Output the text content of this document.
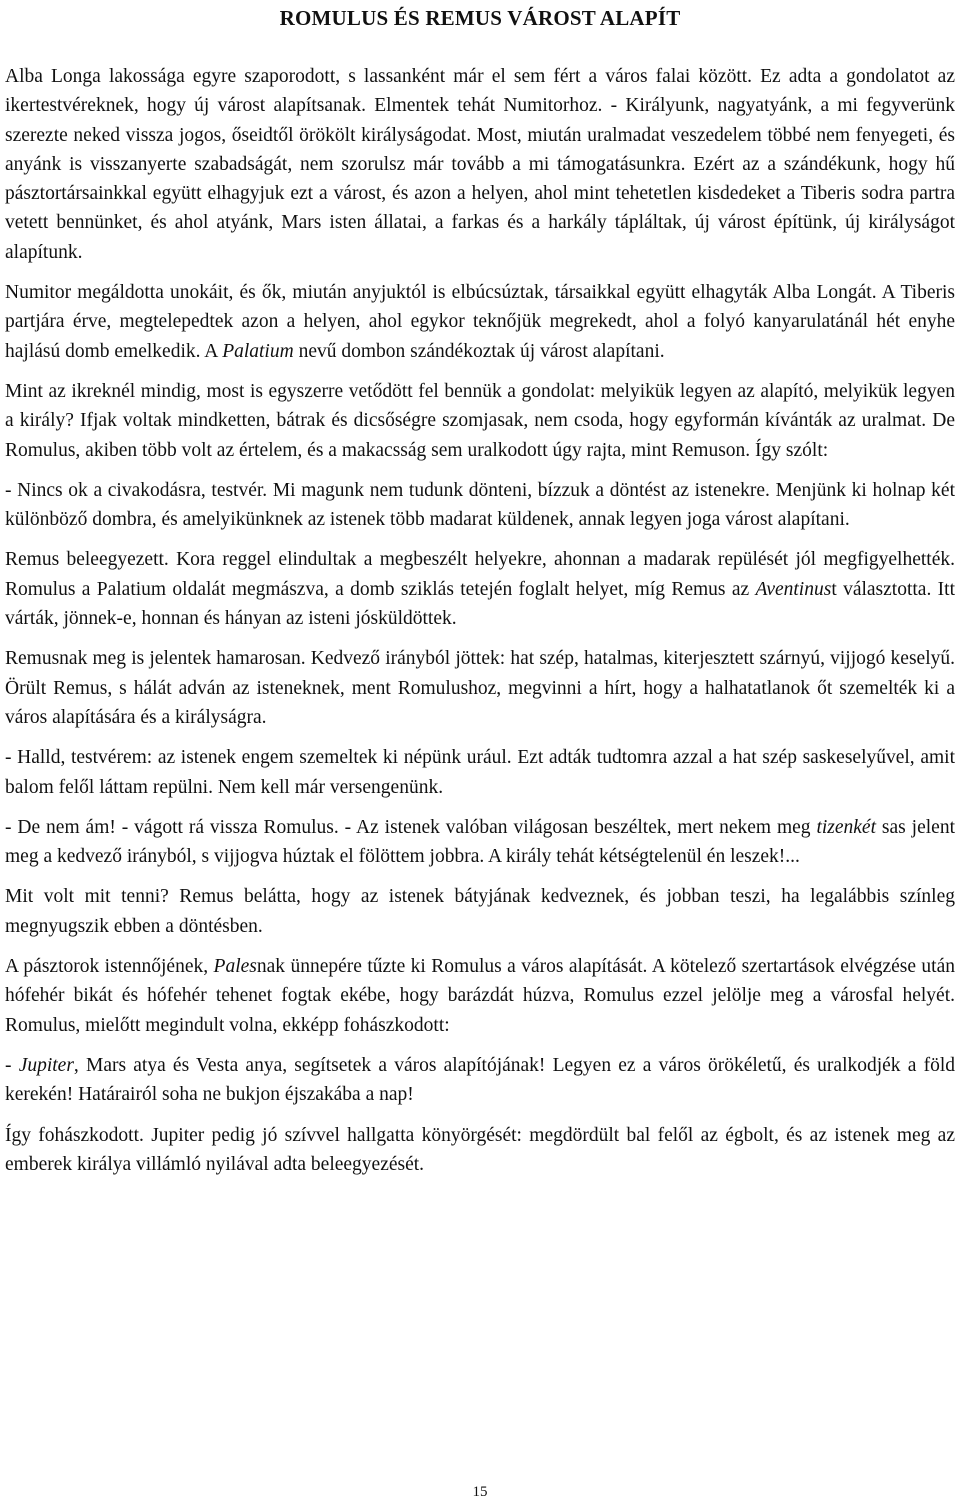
ROMULUS ÉS REMUS VÁROST ALAPÍT

Alba Longa lakossága egyre szaporodott, s lassanként már el sem fért a város falai között. Ez adta a gondolatot az ikertestvéreknek, hogy új várost alapítsanak. Elmentek tehát Numitorhoz. - Királyunk, nagyatyánk, a mi fegyverünk szerezte neked vissza jogos, őseidtől örökölt királyságodat. Most, miután uralmadat veszedelem többé nem fenyegeti, és anyánk is visszanyerte szabadságát, nem szorulsz már tovább a mi támogatásunkra. Ezért az a szándékunk, hogy hű pásztortársainkkal együtt elhagyjuk ezt a várost, és azon a helyen, ahol mint tehetetlen kisdedeket a Tiberis sodra partra vetett bennünket, és ahol atyánk, Mars isten állatai, a farkas és a harkály tápláltak, új várost építünk, új királyságot alapítunk.

Numitor megáldotta unokáit, és ők, miután anyjuktól is elbúcsúztak, társaikkal együtt elhagyták Alba Longát. A Tiberis partjára érve, megtelepedtek azon a helyen, ahol egykor teknőjük megrekedt, ahol a folyó kanyarulatánál hét enyhe hajlású domb emelkedik. A Palatium nevű dombon szándékoztak új várost alapítani.

Mint az ikreknél mindig, most is egyszerre vetődött fel bennük a gondolat: melyikük legyen az alapító, melyikük legyen a király? Ifjak voltak mindketten, bátrak és dicsőségre szomjasak, nem csoda, hogy egyformán kívánták az uralmat. De Romulus, akiben több volt az értelem, és a makacsság sem uralkodott úgy rajta, mint Remuson. Így szólt:

- Nincs ok a civakodásra, testvér. Mi magunk nem tudunk dönteni, bízzuk a döntést az istenekre. Menjünk ki holnap két különböző dombra, és amelyikünknek az istenek több madarat küldenek, annak legyen joga várost alapítani.

Remus beleegyezett. Kora reggel elindultak a megbeszélt helyekre, ahonnan a madarak repülését jól megfigyelhették. Romulus a Palatium oldalát megmászva, a domb sziklás tetején foglalt helyet, míg Remus az Aventinust választotta. Itt várták, jönnek-e, honnan és hányan az isteni jósküldöttek.

Remusnak meg is jelentek hamarosan. Kedvező irányból jöttek: hat szép, hatalmas, kiterjesztett szárnyú, vijjogó keselyű. Örült Remus, s hálát adván az isteneknek, ment Romulushoz, megvinni a hírt, hogy a halhatatlanok őt szemelték ki a város alapítására és a királyságra.

- Halld, testvérem: az istenek engem szemeltek ki népünk urául. Ezt adták tudtomra azzal a hat szép saskeselyűvel, amit balom felől láttam repülni. Nem kell már versengenünk.

- De nem ám! - vágott rá vissza Romulus. - Az istenek valóban világosan beszéltek, mert nekem meg tizenkét sas jelent meg a kedvező irányból, s vijjogva húztak el fölöttem jobbra. A király tehát kétségtelenül én leszek!...

Mit volt mit tenni? Remus belátta, hogy az istenek bátyjának kedveznek, és jobban teszi, ha legalábbis színleg megnyugszik ebben a döntésben.

A pásztorok istennőjének, Palesnak ünnepére tűzte ki Romulus a város alapítását. A kötelező szertartások elvégzése után hófehér bikát és hófehér tehenet fogtak ekébe, hogy barázdát húzva, Romulus ezzel jelölje meg a városfal helyét. Romulus, mielőtt megindult volna, ekképp fohászkodott:

- Jupiter, Mars atya és Vesta anya, segítsetek a város alapítójának! Legyen ez a város örökéletű, és uralkodjék a föld kerekén! Határairól soha ne bukjon éjszakába a nap!

Így fohászkodott. Jupiter pedig jó szívvel hallgatta könyörgését: megdördült bal felől az égbolt, és az istenek meg az emberek királya villámló nyilával adta beleegyezését.

15
